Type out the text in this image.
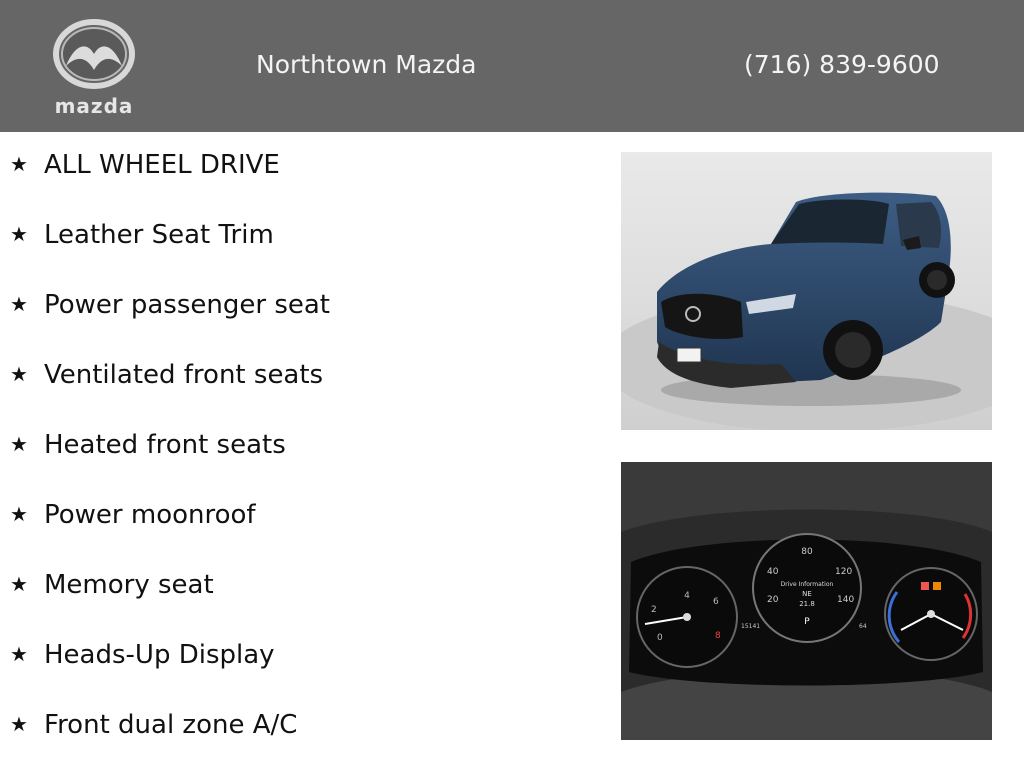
mazda
Northtown Mazda	(716) 839-9600
★ ALL WHEEL DRIVE
★ Leather Seat Trim
★ Power passenger seat
★ Ventilated front seats
★ Heated front seats
★ Power moonroof
★ Memory seat
★ Heads-Up Display
★ Front dual zone A/C
4
0
2
6
8
80
40
20
120
140
Drive Information
NE
21.8
P
15141	64
